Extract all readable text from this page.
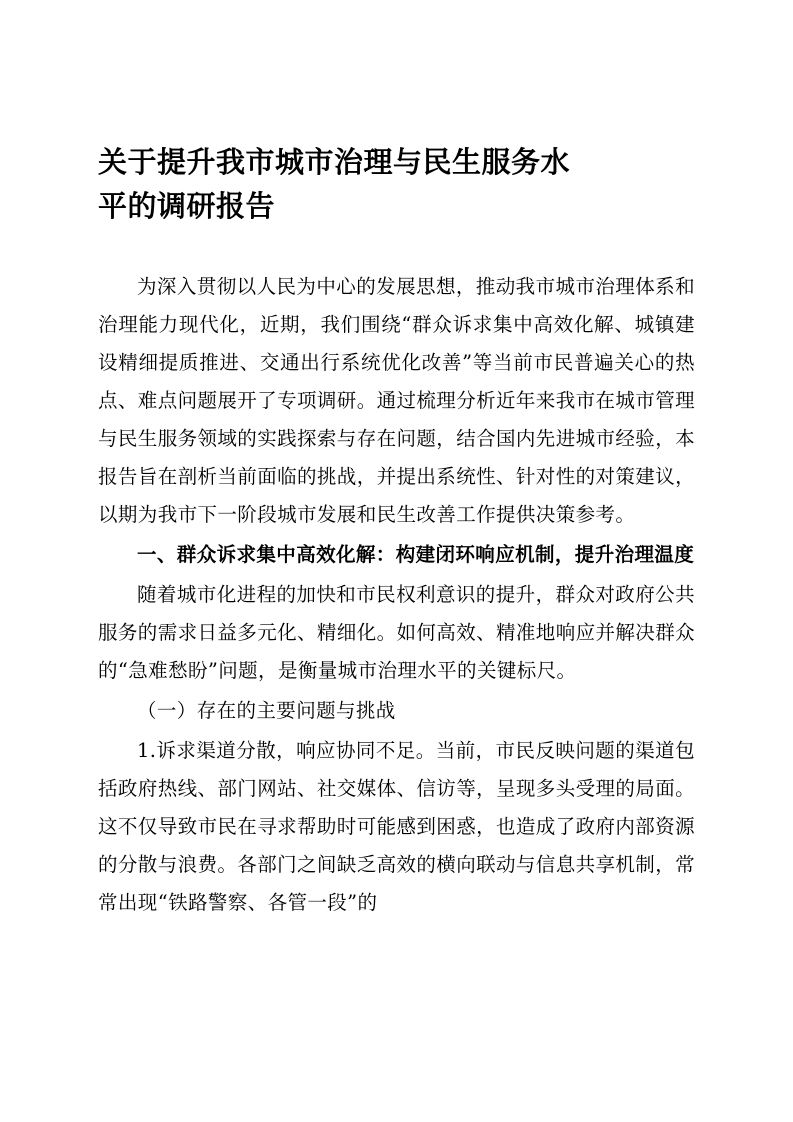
关于提升我市城市治理与民生服务水
平的调研报告

为深入贯彻以人民为中心的发展思想，推动我市城市治理体系和治理能力现代化，近期，我们围绕“群众诉求集中高效化解、城镇建设精细提质推进、交通出行系统优化改善”等当前市民普遍关心的热点、难点问题展开了专项调研。通过梳理分析近年来我市在城市管理与民生服务领域的实践探索与存在问题，结合国内先进城市经验，本报告旨在剖析当前面临的挑战，并提出系统性、针对性的对策建议，以期为我市下一阶段城市发展和民生改善工作提供决策参考。

一、群众诉求集中高效化解：构建闭环响应机制，提升治理温度

随着城市化进程的加快和市民权利意识的提升，群众对政府公共服务的需求日益多元化、精细化。如何高效、精准地响应并解决群众的“急难愁盼”问题，是衡量城市治理水平的关键标尺。

（一）存在的主要问题与挑战

1.诉求渠道分散，响应协同不足。当前，市民反映问题的渠道包括政府热线、部门网站、社交媒体、信访等，呈现多头受理的局面。这不仅导致市民在寻求帮助时可能感到困惑，也造成了政府内部资源的分散与浪费。各部门之间缺乏高效的横向联动与信息共享机制，常常出现“铁路警察、各管一段”的
